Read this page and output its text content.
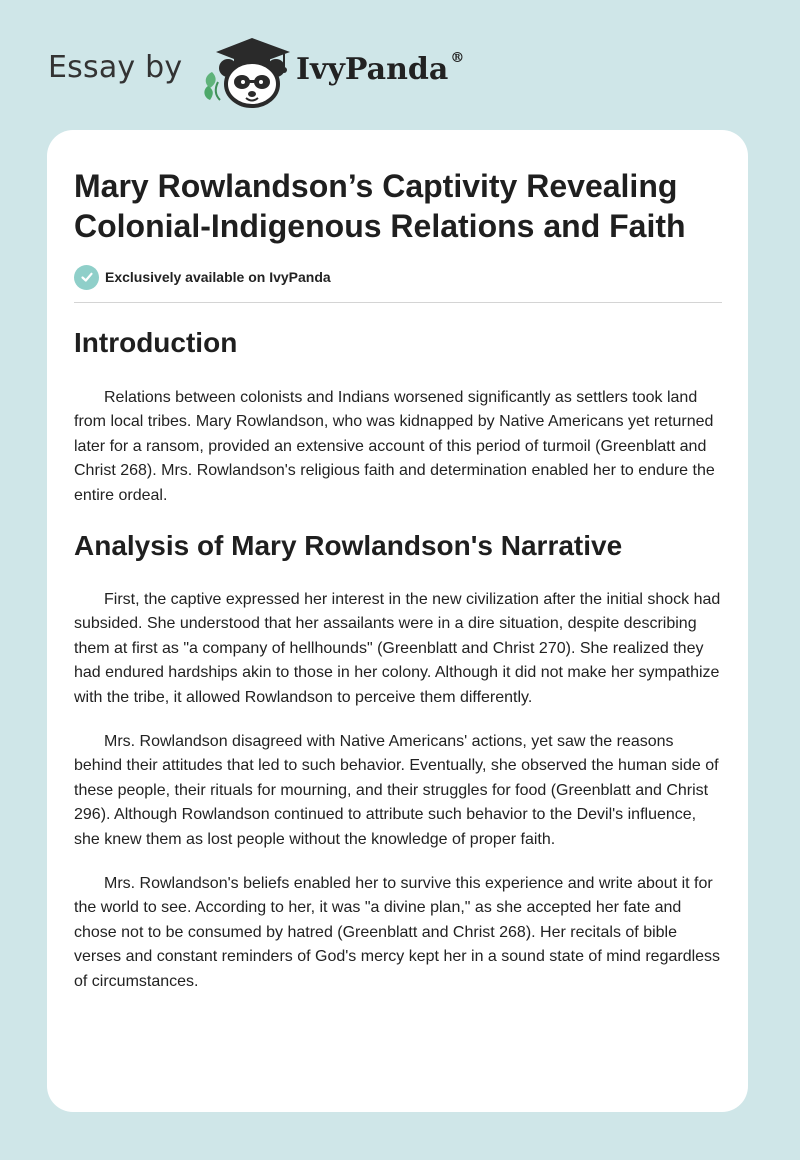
Essay by	IvyPanda ®
Mary Rowlandson’s Captivity Revealing Colonial-Indigenous Relations and Faith
Exclusively available on IvyPanda
Introduction

Relations between colonists and Indians worsened significantly as settlers took land from local tribes. Mary Rowlandson, who was kidnapped by Native Americans yet returned later for a ransom, provided an extensive account of this period of turmoil (Greenblatt and Christ 268). Mrs. Rowlandson's religious faith and determination enabled her to endure the entire ordeal.

Analysis of Mary Rowlandson's Narrative

First, the captive expressed her interest in the new civilization after the initial shock had subsided. She understood that her assailants were in a dire situation, despite describing them at first as "a company of hellhounds" (Greenblatt and Christ 270). She realized they had endured hardships akin to those in her colony. Although it did not make her sympathize with the tribe, it allowed Rowlandson to perceive them differently.

Mrs. Rowlandson disagreed with Native Americans' actions, yet saw the reasons behind their attitudes that led to such behavior. Eventually, she observed the human side of these people, their rituals for mourning, and their struggles for food (Greenblatt and Christ 296). Although Rowlandson continued to attribute such behavior to the Devil's influence, she knew them as lost people without the knowledge of proper faith.

Mrs. Rowlandson's beliefs enabled her to survive this experience and write about it for the world to see. According to her, it was "a divine plan," as she accepted her fate and chose not to be consumed by hatred (Greenblatt and Christ 268). Her recitals of bible verses and constant reminders of God's mercy kept her in a sound state of mind regardless of circumstances.
